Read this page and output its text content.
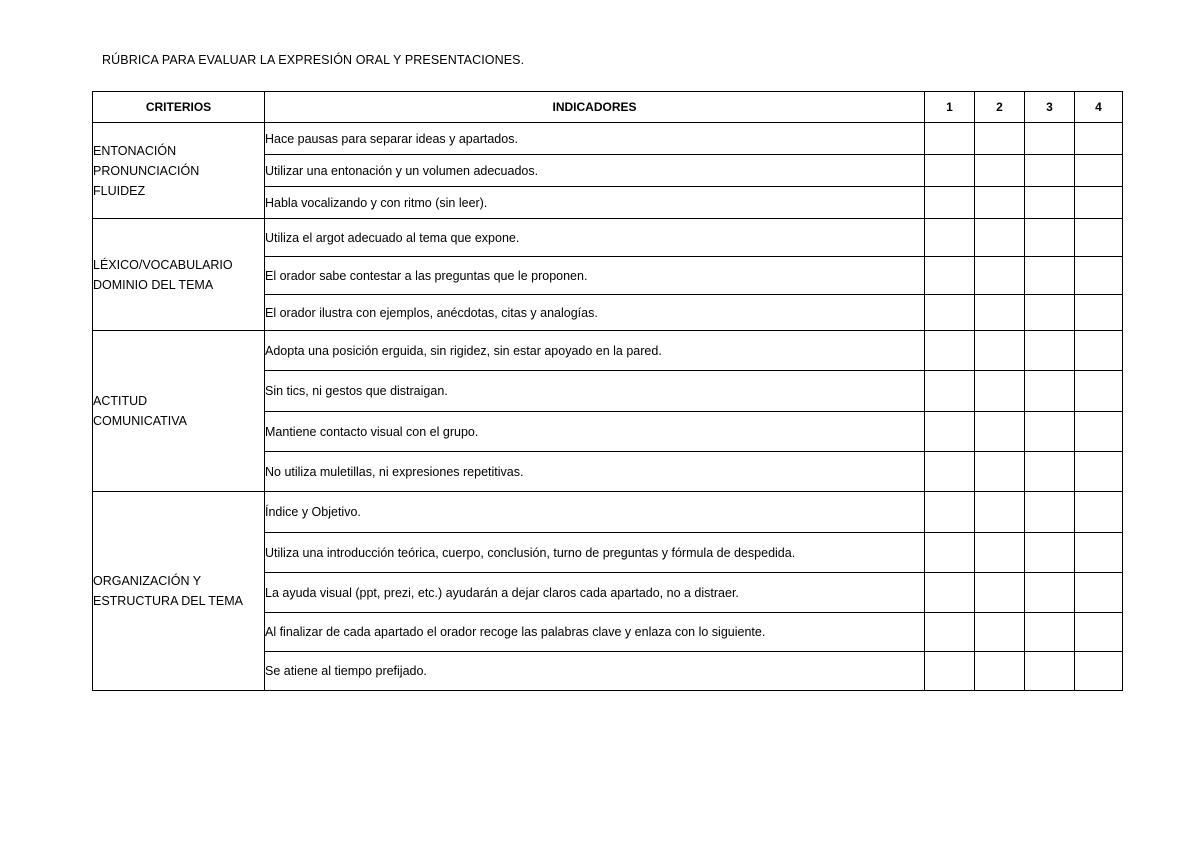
RÚBRICA PARA EVALUAR LA EXPRESIÓN ORAL Y PRESENTACIONES.
CRITERIOS	INDICADORES	1	2	3	4

ENTONACIÓN
PRONUNCIACIÓN
FLUIDEZ	Hace pausas para separar ideas y apartados.				
	Utilizar una entonación y un volumen adecuados.				
	Habla vocalizando y con ritmo (sin leer).				

LÉXICO/VOCABULARIO
DOMINIO DEL TEMA	Utiliza el argot adecuado al tema que expone.				
	El orador sabe contestar a las preguntas que le proponen.				
	El orador ilustra con ejemplos, anécdotas, citas y analogías.				

ACTITUD
COMUNICATIVA	Adopta una posición erguida, sin rigidez, sin estar apoyado en la pared.				
	Sin tics, ni gestos que distraigan.				
	Mantiene contacto visual con el grupo.				
	No utiliza muletillas, ni expresiones repetitivas.				

ORGANIZACIÓN Y
ESTRUCTURA DEL TEMA	Índice y Objetivo.				
	Utiliza una introducción teórica, cuerpo, conclusión, turno de preguntas y fórmula de despedida.				
	La ayuda visual (ppt, prezi, etc.) ayudarán a dejar claros cada apartado, no a distraer.				
	Al finalizar de cada apartado el orador recoge las palabras clave y enlaza con lo siguiente.				
	Se atiene al tiempo prefijado.				
